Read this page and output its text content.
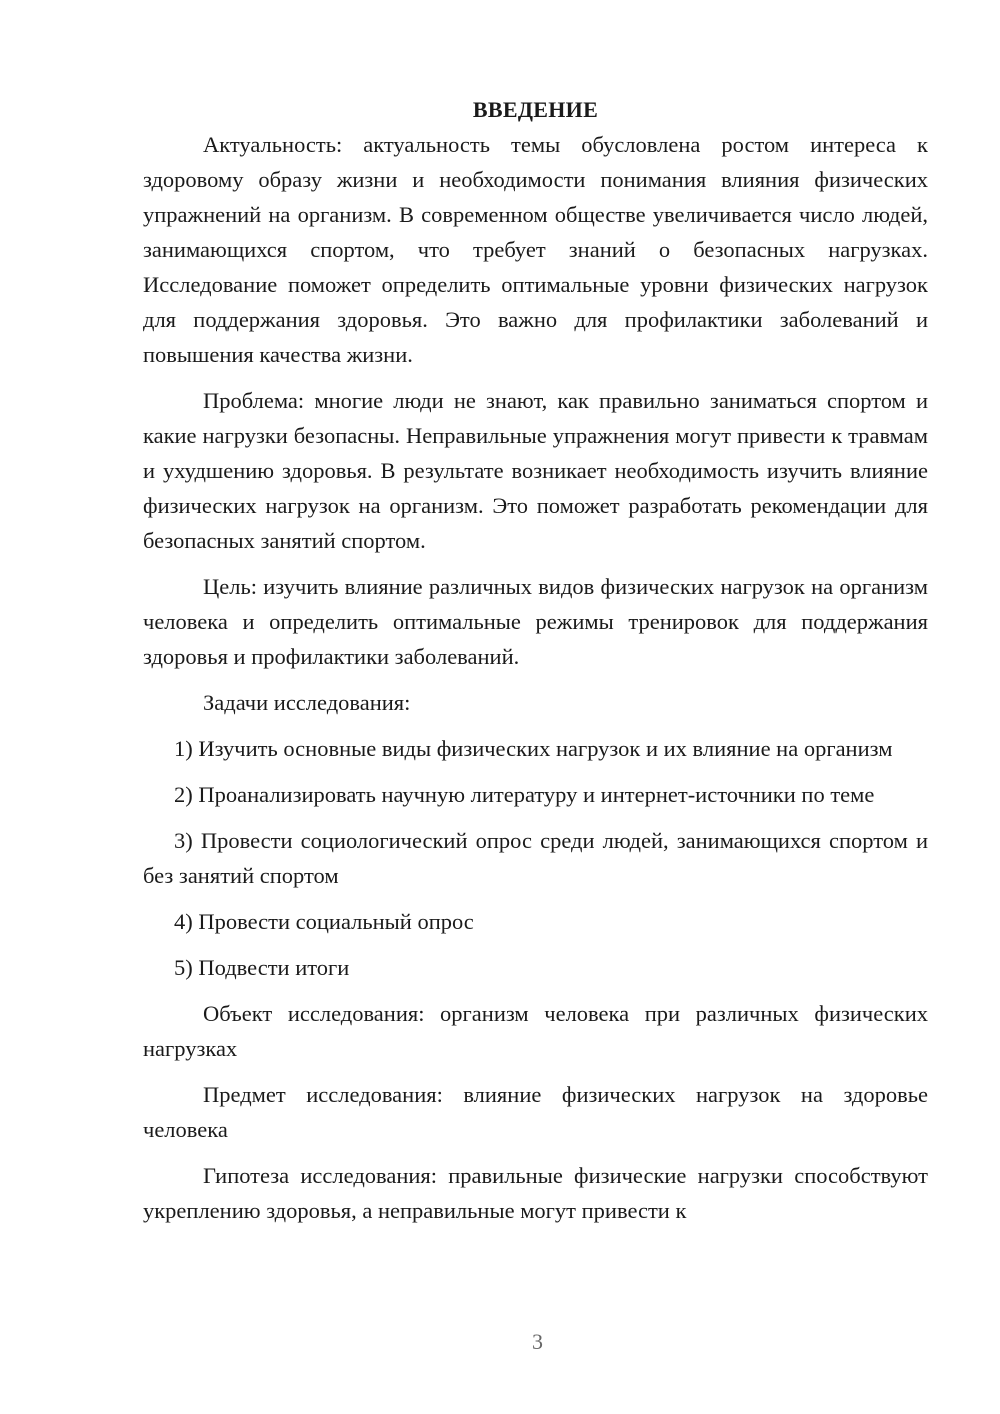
ВВЕДЕНИЕ

Актуальность: актуальность темы обусловлена ростом интереса к здоровому образу жизни и необходимости понимания влияния физических упражнений на организм. В современном обществе увеличивается число людей, занимающихся спортом, что требует знаний о безопасных нагрузках. Исследование поможет определить оптимальные уровни физических нагрузок для поддержания здоровья. Это важно для профилактики заболеваний и повышения качества жизни.

Проблема: многие люди не знают, как правильно заниматься спортом и какие нагрузки безопасны. Неправильные упражнения могут привести к травмам и ухудшению здоровья. В результате возникает необходимость изучить влияние физических нагрузок на организм. Это поможет разработать рекомендации для безопасных занятий спортом.

Цель: изучить влияние различных видов физических нагрузок на организм человека и определить оптимальные режимы тренировок для поддержания здоровья и профилактики заболеваний.

Задачи исследования:

1) Изучить основные виды физических нагрузок и их влияние на организм

2) Проанализировать научную литературу и интернет-источники по теме

3) Провести социологический опрос среди людей, занимающихся спортом и без занятий спортом

4) Провести социальный опрос

5) Подвести итоги

Объект исследования: организм человека при различных физических нагрузках

Предмет исследования: влияние физических нагрузок на здоровье человека

Гипотеза исследования: правильные физические нагрузки способствуют укреплению здоровья, а неправильные могут привести к

3
